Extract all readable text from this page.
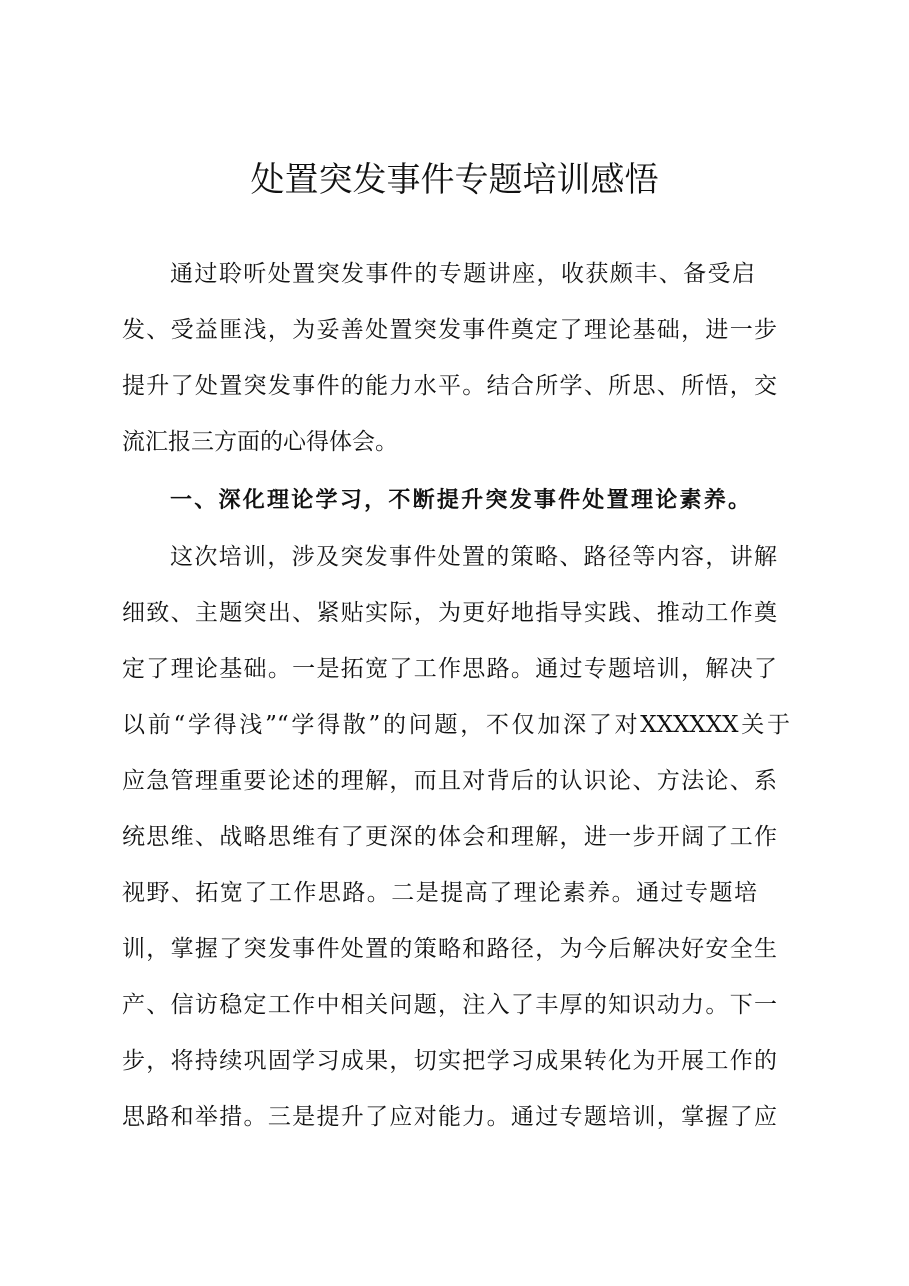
处置突发事件专题培训感悟
通过聆听处置突发事件的专题讲座，收获颇丰、备受启
发、受益匪浅，为妥善处置突发事件奠定了理论基础，进一步
提升了处置突发事件的能力水平。结合所学、所思、所悟，交
流汇报三方面的心得体会。
一、深化理论学习，不断提升突发事件处置理论素养。
这次培训，涉及突发事件处置的策略、路径等内容，讲解
细致、主题突出、紧贴实际，为更好地指导实践、推动工作奠
定了理论基础。一是拓宽了工作思路。通过专题培训，解决了
以前“学得浅”“学得散”的问题，不仅加深了对XXXXXX关于
应急管理重要论述的理解，而且对背后的认识论、方法论、系
统思维、战略思维有了更深的体会和理解，进一步开阔了工作
视野、拓宽了工作思路。二是提高了理论素养。通过专题培
训，掌握了突发事件处置的策略和路径，为今后解决好安全生
产、信访稳定工作中相关问题，注入了丰厚的知识动力。下一
步，将持续巩固学习成果，切实把学习成果转化为开展工作的
思路和举措。三是提升了应对能力。通过专题培训，掌握了应
